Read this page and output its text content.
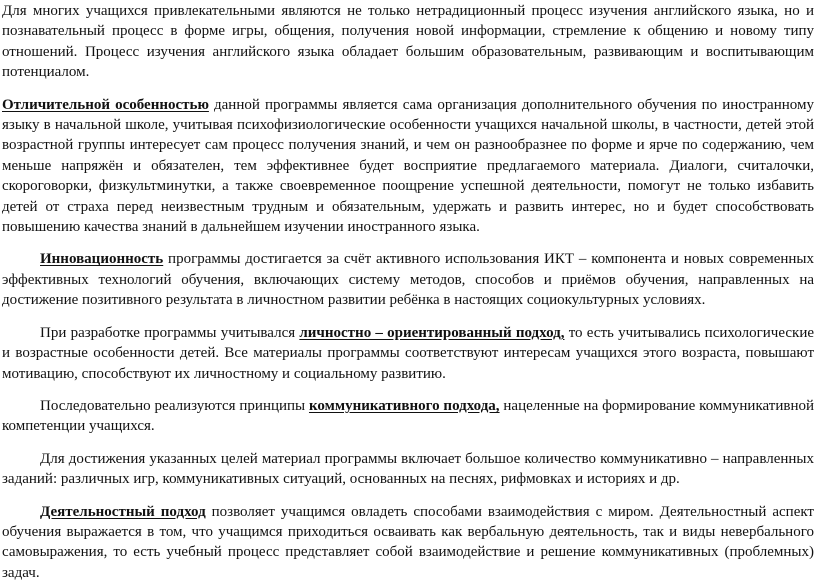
Для многих учащихся привлекательными являются не только нетрадиционный процесс изучения английского языка, но и познавательный процесс в форме игры, общения, получения новой информации, стремление к общению и новому типу отношений. Процесс изучения английского языка обладает большим образовательным, развивающим и воспитывающим потенциалом.

Отличительной особенностью данной программы является сама организация дополнительного обучения по иностранному языку в начальной школе, учитывая психофизиологические особенности учащихся начальной школы, в частности, детей этой возрастной группы интересует сам процесс получения знаний, и чем он разнообразнее по форме и ярче по содержанию, чем меньше напряжён и обязателен, тем эффективнее будет восприятие предлагаемого материала. Диалоги, считалочки, скороговорки, физкультминутки, а также своевременное поощрение успешной деятельности, помогут не только избавить детей от страха перед неизвестным трудным и обязательным, удержать и развить интерес, но и будет способствовать повышению качества знаний в дальнейшем изучении иностранного языка.

Инновационность программы достигается за счёт активного использования ИКТ – компонента и новых современных эффективных технологий обучения, включающих систему методов, способов и приёмов обучения, направленных на достижение позитивного результата в личностном развитии ребёнка в настоящих социокультурных условиях.

При разработке программы учитывался личностно – ориентированный подход, то есть учитывались психологические и возрастные особенности детей. Все материалы программы соответствуют интересам учащихся этого возраста, повышают мотивацию, способствуют их личностному и социальному развитию.

Последовательно реализуются принципы коммуникативного подхода, нацеленные на формирование коммуникативной компетенции учащихся.

Для достижения указанных целей материал программы включает большое количество коммуникативно – направленных заданий: различных игр, коммуникативных ситуаций, основанных на песнях, рифмовках и историях и др.

Деятельностный подход позволяет учащимся овладеть способами взаимодействия с миром. Деятельностный аспект обучения выражается в том, что учащимся приходиться осваивать как вербальную деятельность, так и виды невербального самовыражения, то есть учебный процесс представляет собой взаимодействие и решение коммуникативных (проблемных) задач.
